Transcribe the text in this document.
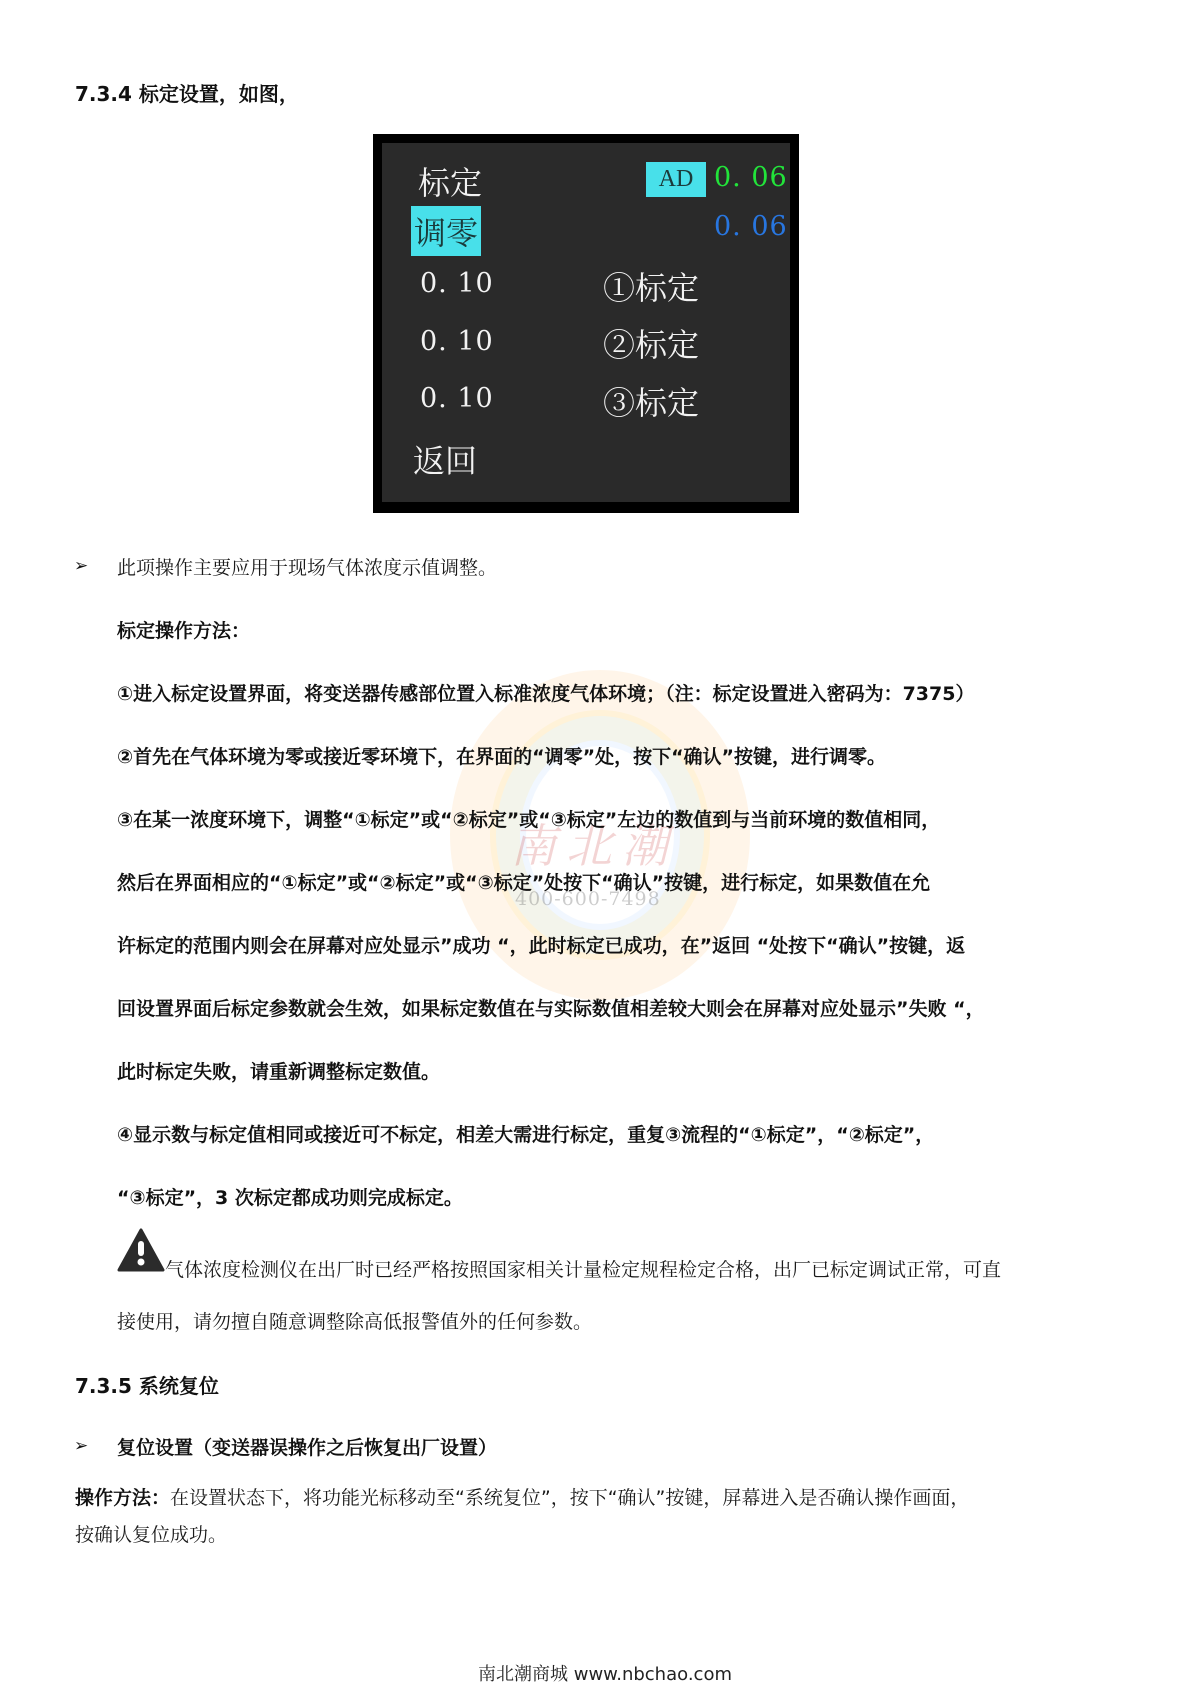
南北潮
400-600-7498
7.3.4 标定设置，如图，
标定	AD 0. 06
调零	0. 06
0. 10	①标定
0. 10	②标定
0. 10	③标定
返回
➢ 此项操作主要应用于现场气体浓度示值调整。
标定操作方法：
①进入标定设置界面，将变送器传感部位置入标准浓度气体环境；（注：标定设置进入密码为：7375）
②首先在气体环境为零或接近零环境下，在界面的“调零”处，按下“确认”按键，进行调零。
③在某一浓度环境下，调整“①标定”或“②标定”或“③标定”左边的数值到与当前环境的数值相同，
然后在界面相应的“①标定”或“②标定”或“③标定”处按下“确认”按键，进行标定，如果数值在允
许标定的范围内则会在屏幕对应处显示”成功 “，此时标定已成功，在”返回 “处按下“确认”按键，返
回设置界面后标定参数就会生效，如果标定数值在与实际数值相差较大则会在屏幕对应处显示”失败 “，
此时标定失败，请重新调整标定数值。
④显示数与标定值相同或接近可不标定，相差大需进行标定，重复③流程的“①标定”，“②标定”，
“③标定”，3 次标定都成功则完成标定。
气体浓度检测仪在出厂时已经严格按照国家相关计量检定规程检定合格，出厂已标定调试正常，可直
接使用，请勿擅自随意调整除高低报警值外的任何参数。
7.3.5 系统复位
➢ 复位设置（变送器误操作之后恢复出厂设置）
操作方法：在设置状态下，将功能光标移动至“系统复位”，按下“确认”按键，屏幕进入是否确认操作画面，
按确认复位成功。
南北潮商城 www.nbchao.com
